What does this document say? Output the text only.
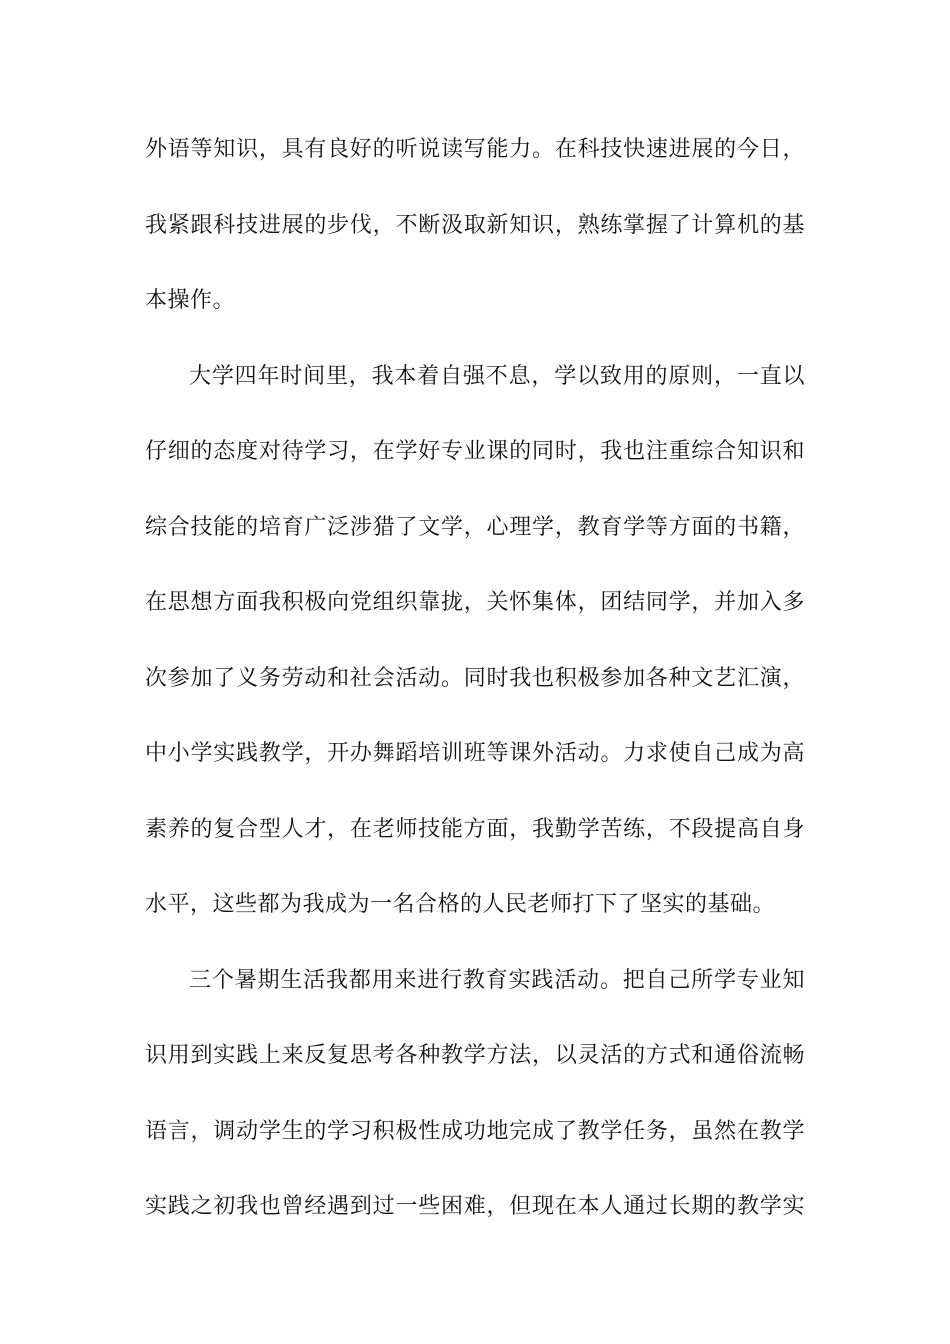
外语等知识，具有良好的听说读写能力。在科技快速进展的今日，
我紧跟科技进展的步伐，不断汲取新知识，熟练掌握了计算机的基
本操作。
大学四年时间里，我本着自强不息，学以致用的原则，一直以
仔细的态度对待学习，在学好专业课的同时，我也注重综合知识和
综合技能的培育广泛涉猎了文学，心理学，教育学等方面的书籍，
在思想方面我积极向党组织靠拢，关怀集体，团结同学，并加入多
次参加了义务劳动和社会活动。同时我也积极参加各种文艺汇演，
中小学实践教学，开办舞蹈培训班等课外活动。力求使自己成为高
素养的复合型人才，在老师技能方面，我勤学苦练，不段提高自身
水平，这些都为我成为一名合格的人民老师打下了坚实的基础。
三个暑期生活我都用来进行教育实践活动。把自己所学专业知
识用到实践上来反复思考各种教学方法，以灵活的方式和通俗流畅
语言，调动学生的学习积极性成功地完成了教学任务，虽然在教学
实践之初我也曾经遇到过一些困难，但现在本人通过长期的教学实
